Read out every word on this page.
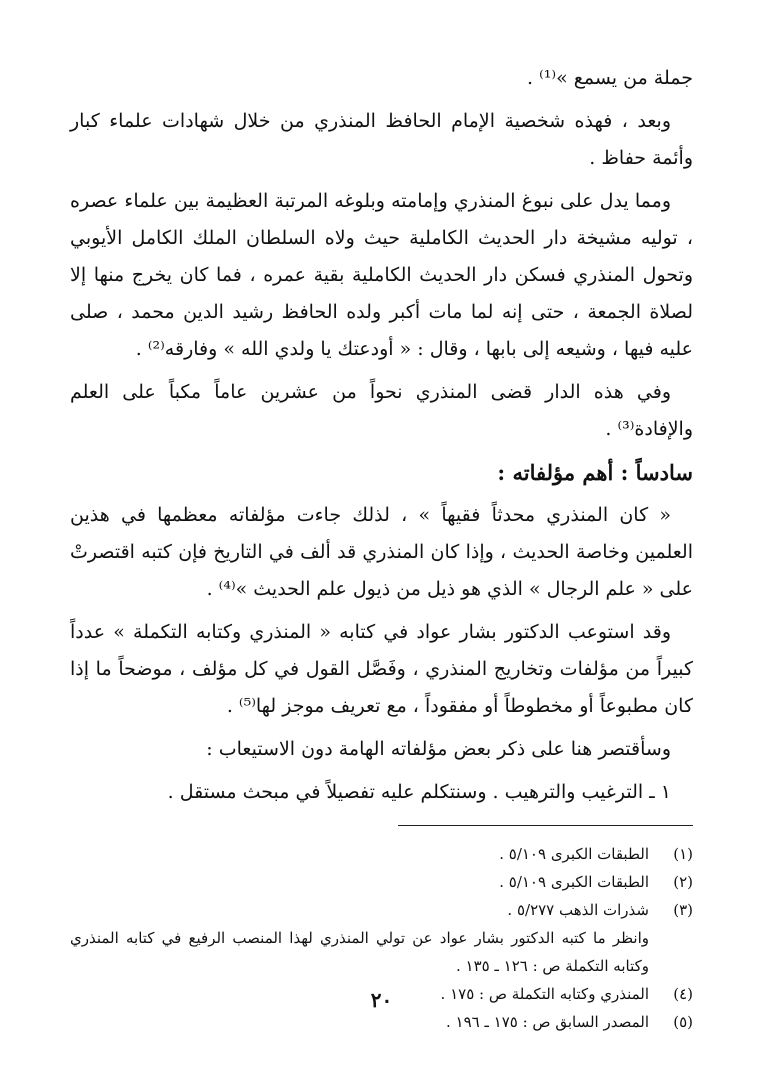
جملة من يسمع »⁽¹⁾ .

وبعد ، فهذه شخصية الإمام الحافظ المنذري من خلال شهادات علماء كبار وأئمة حفاظ .

ومما يدل على نبوغ المنذري وإمامته وبلوغه المرتبة العظيمة بين علماء عصره ، توليه مشيخة دار الحديث الكاملية حيث ولاه السلطان الملك الكامل الأيوبي وتحول المنذري فسكن دار الحديث الكاملية بقية عمره ، فما كان يخرج منها إلا لصلاة الجمعة ، حتى إنه لما مات أكبر ولده الحافظ رشيد الدين محمد ، صلى عليه فيها ، وشيعه إلى بابها ، وقال : « أودعتك يا ولدي الله » وفارقه⁽²⁾ .

وفي هذه الدار قضى المنذري نحواً من عشرين عاماً مكباً على العلم والإفادة⁽³⁾ .

سادساً : أهم مؤلفاته :

« كان المنذري محدثاً فقيهاً » ، لذلك جاءت مؤلفاته معظمها في هذين العلمين وخاصة الحديث ، وإذا كان المنذري قد ألف في التاريخ فإن كتبه اقتصرتْ على « علم الرجال » الذي هو ذيل من ذيول علم الحديث »⁽⁴⁾ .

وقد استوعب الدكتور بشار عواد في كتابه « المنذري وكتابه التكملة » عدداً كبيراً من مؤلفات وتخاريج المنذري ، وفَصَّل القول في كل مؤلف ، موضحاً ما إذا كان مطبوعاً أو مخطوطاً أو مفقوداً ، مع تعريف موجز لها⁽⁵⁾ .

وسأقتصر هنا على ذكر بعض مؤلفاته الهامة دون الاستيعاب :

١ ـ الترغيب والترهيب . وسنتكلم عليه تفصيلاً في مبحث مستقل .

(١)
الطبقات الكبرى ٥/١٠٩ .
(٢)
الطبقات الكبرى ٥/١٠٩ .
(٣)
شذرات الذهب ٥/٢٧٧ .
وانظر ما كتبه الدكتور بشار عواد عن تولي المنذري لهذا المنصب الرفيع في كتابه المنذري وكتابه التكملة ص : ١٢٦ ـ ١٣٥ .
(٤)
المنذري وكتابه التكملة ص : ١٧٥ .
(٥)
المصدر السابق ص : ١٧٥ ـ ١٩٦ .
٢٠
